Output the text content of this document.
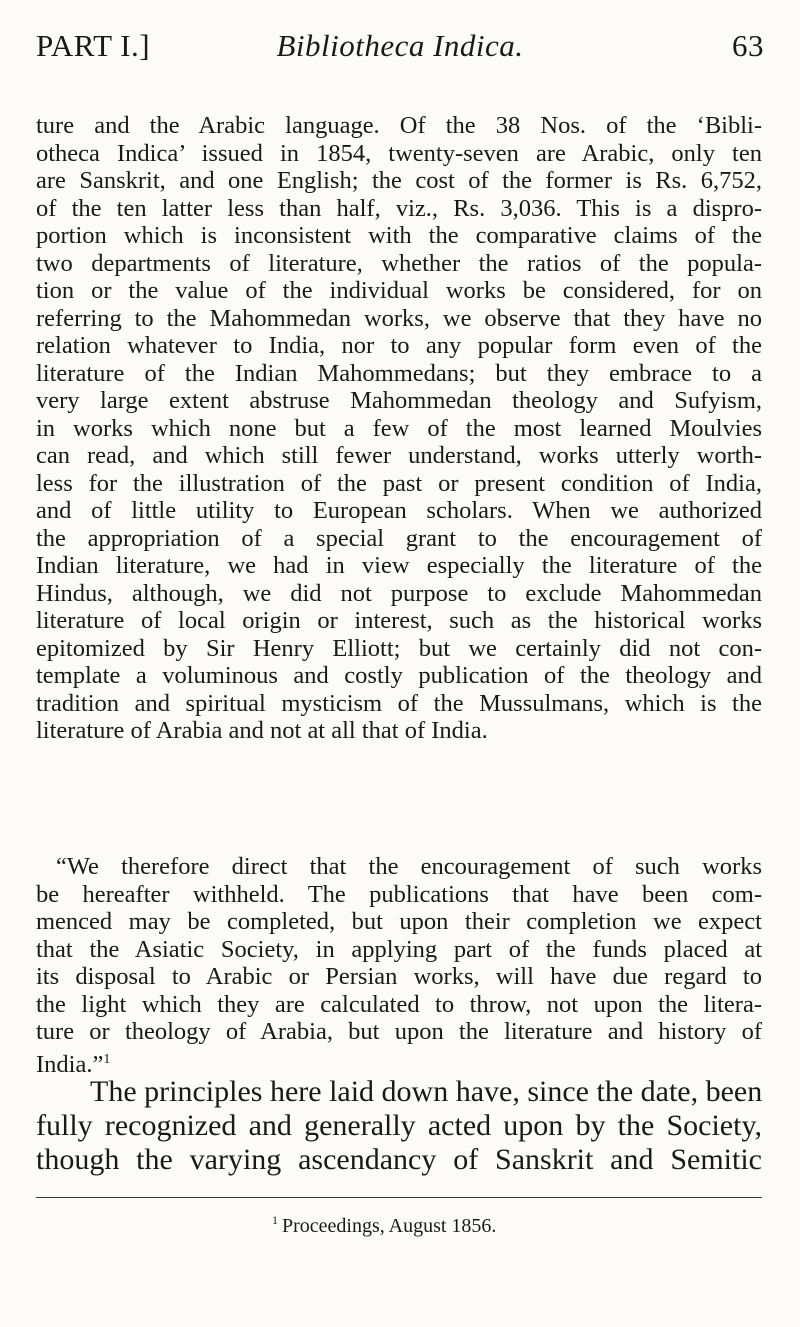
PART I.]	Bibliotheca Indica.	63
ture and the Arabic language. Of the 38 Nos. of the ‘Bibli-
otheca Indica’ issued in 1854, twenty-seven are Arabic, only ten
are Sanskrit, and one English; the cost of the former is Rs. 6,752,
of the ten latter less than half, viz., Rs. 3,036. This is a dispro-
portion which is inconsistent with the comparative claims of the
two departments of literature, whether the ratios of the popula-
tion or the value of the individual works be considered, for on
referring to the Mahommedan works, we observe that they have no
relation whatever to India, nor to any popular form even of the
literature of the Indian Mahommedans; but they embrace to a
very large extent abstruse Mahommedan theology and Sufyism,
in works which none but a few of the most learned Moulvies
can read, and which still fewer understand, works utterly worth-
less for the illustration of the past or present condition of India,
and of little utility to European scholars. When we authorized
the appropriation of a special grant to the encouragement of
Indian literature, we had in view especially the literature of the
Hindus, although, we did not purpose to exclude Mahommedan
literature of local origin or interest, such as the historical works
epitomized by Sir Henry Elliott; but we certainly did not con-
template a voluminous and costly publication of the theology and
tradition and spiritual mysticism of the Mussulmans, which is the
literature of Arabia and not at all that of India.
“We therefore direct that the encouragement of such works
be hereafter withheld. The publications that have been com-
menced may be completed, but upon their completion we expect
that the Asiatic Society, in applying part of the funds placed at
its disposal to Arabic or Persian works, will have due regard to
the light which they are calculated to throw, not upon the litera-
ture or theology of Arabia, but upon the literature and history of
India.”$^1$
The principles here laid down have, since the date, been
fully recognized and generally acted upon by the Society,
though the varying ascendancy of Sanskrit and Semitic
$^1$ Proceedings, August 1856.
